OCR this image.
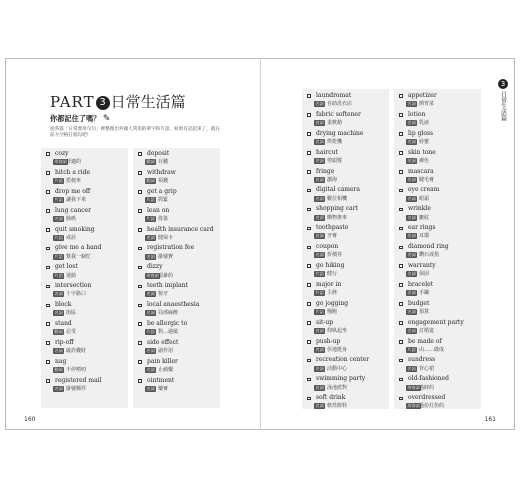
PART 3 日常生活篇
你都記住了嗎？ ✎
從各篇「日常實用句句」裡整理出外國人常用的單字和片語，如果有記起來了，就在前方空格打個勾吧！
cozy
形容詞 舒適的
hitch a ride
片語 搭便車
drop me off
片語 讓我下車
lung cancer
名詞 肺癌
quit smoking
片語 戒菸
give me a hand
片語 幫我一個忙
get lost
片語 迷路
intersection
名詞 十字路口
block
名詞 街區
stand
動詞 忍受
rip-off
名詞 敲詐錢財
nag
動詞 不停嘮叨
registered mail
名詞 掛號郵件
deposit
動詞 存錢
withdraw
動詞 領錢
get a grip
片語 抓緊
lean on
片語 倚靠
health insurance card
名詞 健保卡
registration fee
名詞 掛號費
dizzy
形容詞 頭暈的
teeth implant
名詞 植牙
local anaesthesia
名詞 局部麻醉
be allergic to
片語 對…過敏
side effect
名詞 副作用
pain killer
名詞 止痛藥
ointment
名詞 藥膏
160
laundromat
名詞 自助洗衣店
fabric softener
名詞 柔軟精
drying machine
名詞 烘乾機
haircut
名詞 剪頭髮
fringe
名詞 瀏海
digital camera
名詞 數位相機
shopping cart
名詞 購物推車
toothpaste
名詞 牙膏
coupon
名詞 折價券
go hiking
片語 健行
major in
片語 主修
go jogging
片語 慢跑
sit-up
名詞 仰臥起坐
push-up
名詞 伏地挺身
recreation center
名詞 活動中心
swimming party
名詞 泳池派對
soft drink
名詞 軟性飲料
appetizer
名詞 開胃菜
lotion
名詞 乳液
lip gloss
名詞 唇蜜
skin tone
名詞 膚色
mascara
名詞 睫毛膏
eye cream
名詞 眼霜
wrinkle
名詞 皺紋
ear rings
名詞 耳環
diamond ring
名詞 鑽石戒指
warranty
名詞 保固
bracelet
名詞 手鐲
budget
名詞 預算
engagement party
名詞 訂婚宴
be made of
片語 由……做成
sundress
名詞 背心裙
old-fashioned
形容詞 過時的
overdressed
形容詞 過份打扮的
3
日常生活篇
161
